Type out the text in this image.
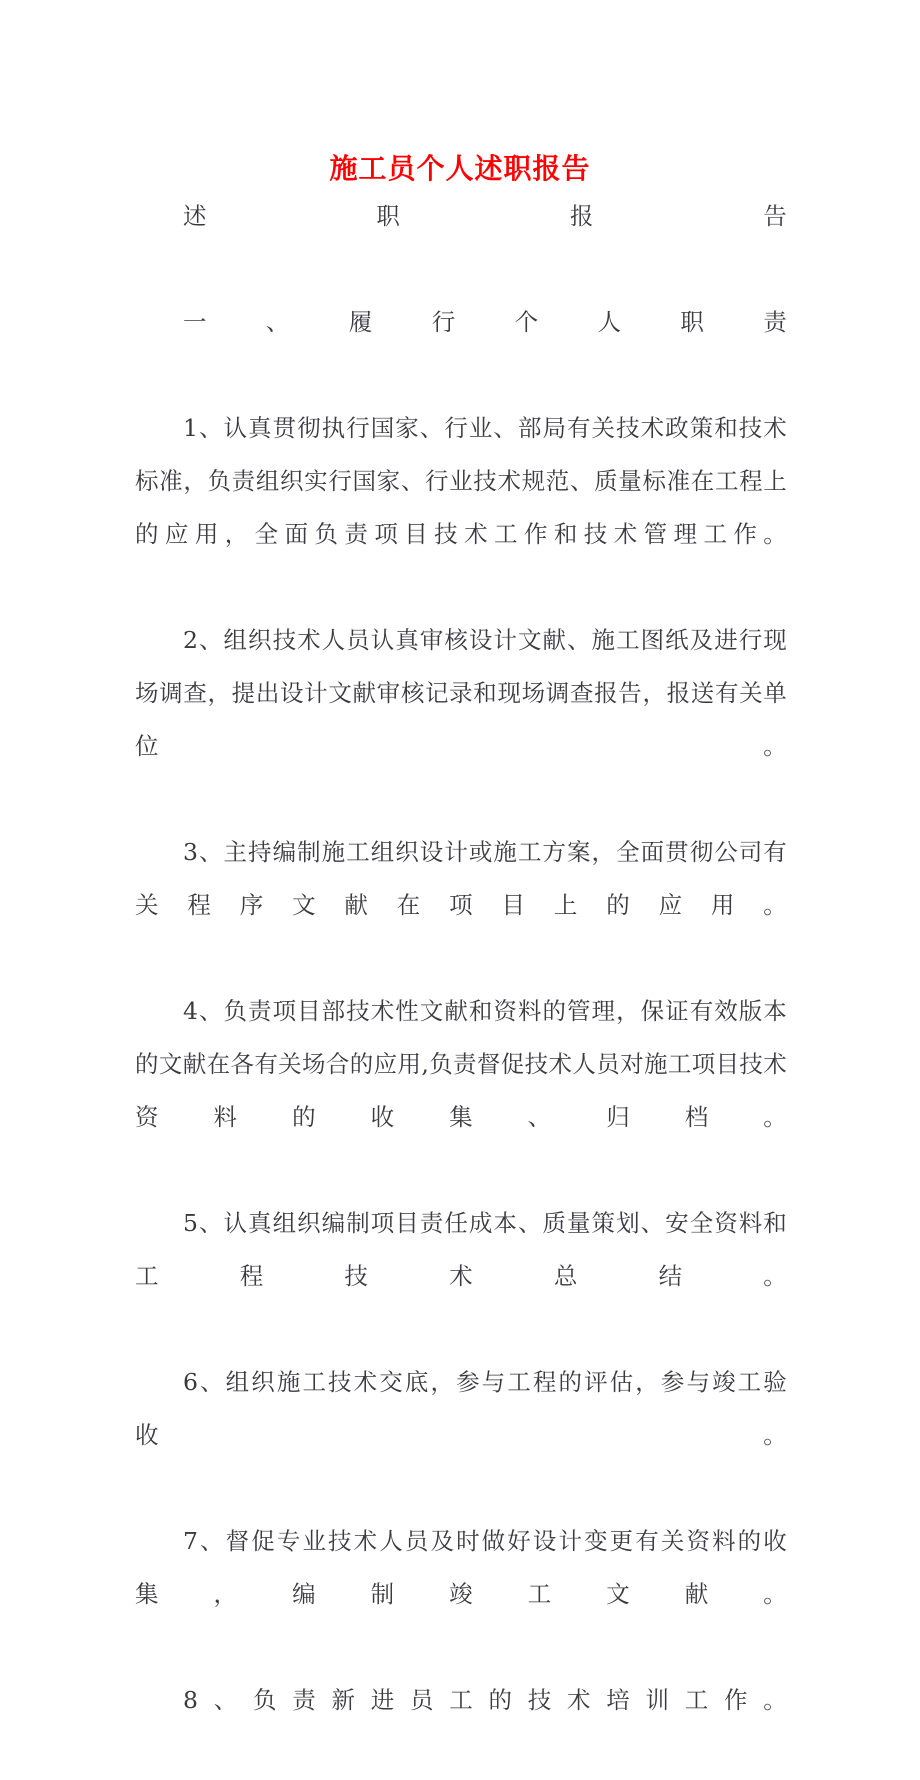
施工员个人述职报告

述职报告

一、履行个人职责

1、认真贯彻执行国家、行业、部局有关技术政策和技术标准，负责组织实行国家、行业技术规范、质量标准在工程上的应用，全面负责项目技术工作和技术管理工作。

2、组织技术人员认真审核设计文献、施工图纸及进行现场调查，提出设计文献审核记录和现场调查报告，报送有关单位。

3、主持编制施工组织设计或施工方案，全面贯彻公司有关程序文献在项目上的应用。

4、负责项目部技术性文献和资料的管理，保证有效版本的文献在各有关场合的应用,负责督促技术人员对施工项目技术资料的收集、归档。

5、认真组织编制项目责任成本、质量策划、安全资料和工程技术总结。

6、组织施工技术交底，参与工程的评估，参与竣工验收。

7、督促专业技术人员及时做好设计变更有关资料的收集，编制竣工文献。

8、负责新进员工的技术培训工作。
